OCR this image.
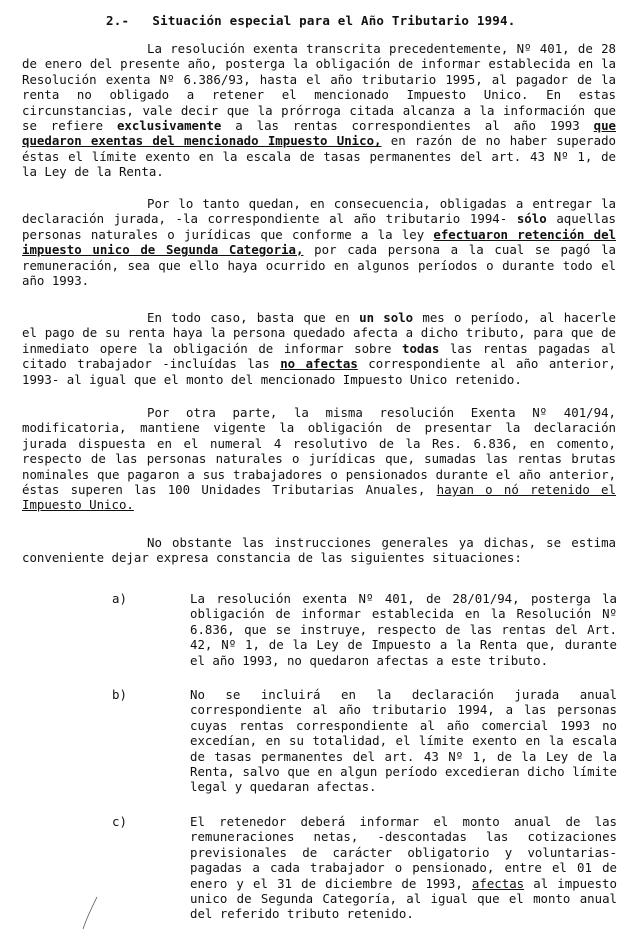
2.- Situación especial para el Año Tributario 1994.
La resolución exenta transcrita precedentemente, Nº 401, de 28 de enero del presente año, posterga la obligación de informar establecida en la Resolución exenta Nº 6.386/93, hasta el año tributario 1995, al pagador de la renta no obligado a retener el mencionado Impuesto Unico. En estas circunstancias, vale decir que la prórroga citada alcanza a la información que se refiere exclusivamente a las rentas correspondientes al año 1993 que quedaron exentas del mencionado Impuesto Unico, en razón de no haber superado éstas el límite exento en la escala de tasas permanentes del art. 43 Nº 1, de la Ley de la Renta.
Por lo tanto quedan, en consecuencia, obligadas a entregar la declaración jurada, -la correspondiente al año tributario 1994- sólo aquellas personas naturales o jurídicas que conforme a la ley efectuaron retención del impuesto unico de Segunda Categoria, por cada persona a la cual se pagó la remuneración, sea que ello haya ocurrido en algunos períodos o durante todo el año 1993.
En todo caso, basta que en un solo mes o período, al hacerle el pago de su renta haya la persona quedado afecta a dicho tributo, para que de inmediato opere la obligación de informar sobre todas las rentas pagadas al citado trabajador -incluídas las no afectas correspondiente al año anterior, 1993- al igual que el monto del mencionado Impuesto Unico retenido.
Por otra parte, la misma resolución Exenta Nº 401/94, modificatoria, mantiene vigente la obligación de presentar la declaración jurada dispuesta en el numeral 4 resolutivo de la Res. 6.836, en comento, respecto de las personas naturales o jurídicas que, sumadas las rentas brutas nominales que pagaron a sus trabajadores o pensionados durante el año anterior, éstas superen las 100 Unidades Tributarias Anuales, hayan o nó retenido el Impuesto Unico.
No obstante las instrucciones generales ya dichas, se estima conveniente dejar expresa constancia de las siguientes situaciones:
a)	La resolución exenta Nº 401, de 28/01/94, posterga la obligación de informar establecida en la Resolución Nº 6.836, que se instruye, respecto de las rentas del Art. 42, Nº 1, de la Ley de Impuesto a la Renta que, durante el año 1993, no quedaron afectas a este tributo.
b)	No se incluirá en la declaración jurada anual correspondiente al año tributario 1994, a las personas cuyas rentas correspondiente al año comercial 1993 no excedían, en su totalidad, el límite exento en la escala de tasas permanentes del art. 43 Nº 1, de la Ley de la Renta, salvo que en algun período excedieran dicho límite legal y quedaran afectas.
c)	El retenedor deberá informar el monto anual de las remuneraciones netas, -descontadas las cotizaciones previsionales de carácter obligatorio y voluntarias- pagadas a cada trabajador o pensionado, entre el 01 de enero y el 31 de diciembre de 1993, afectas al impuesto unico de Segunda Categoría, al igual que el monto anual del referido tributo retenido.
